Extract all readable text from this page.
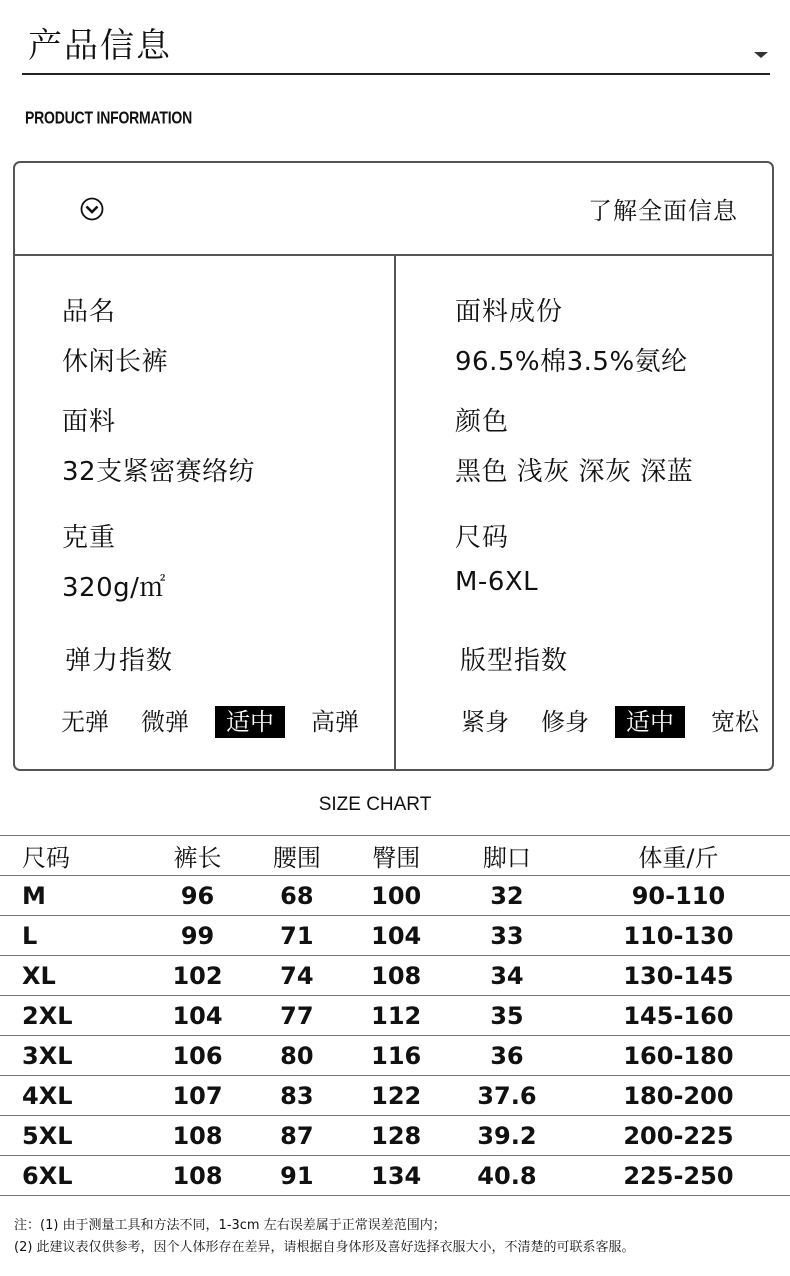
产品信息
PRODUCT INFORMATION
了解全面信息
品名
休闲长裤
面料
32支紧密赛络纺
克重
320g/㎡
弹力指数
无弹 微弹	适中	高弹
面料成份
96.5%棉3.5%氨纶
颜色
黑色 浅灰 深灰 深蓝
尺码
M-6XL
版型指数
紧身 修身	适中	宽松
SIZE CHART
尺码	裤长	腰围	臀围	脚口	体重/斤
M	96	68	100	32	90-110
L	99	71	104	33	110-130
XL	102	74	108	34	130-145
2XL	104	77	112	35	145-160
3XL	106	80	116	36	160-180
4XL	107	83	122	37.6	180-200
5XL	108	87	128	39.2	200-225
6XL	108	91	134	40.8	225-250
注：(1) 由于测量工具和方法不同，1-3cm 左右误差属于正常误差范围内；
(2) 此建议表仅供参考，因个人体形存在差异，请根据自身体形及喜好选择衣服大小，不清楚的可联系客服。
